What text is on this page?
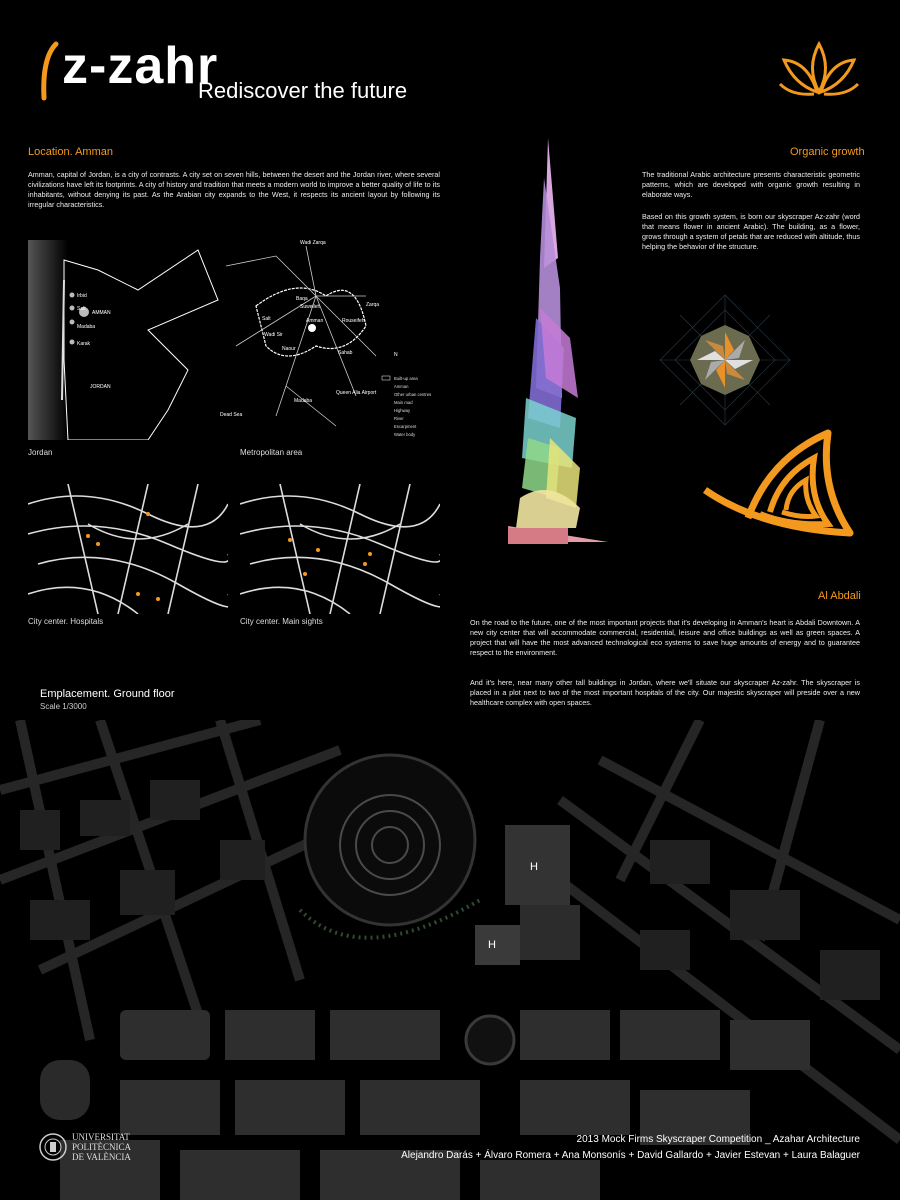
H
H
z-zahr
Rediscover the future
Location. Amman
Amman, capital of Jordan, is a city of contrasts. A city set on seven hills, between the desert and the Jordan river, where several civilizations have left its footprints. A city of history and tradition that meets a modern world to improve a better quality of life to its inhabitants, without denying its past. As the Arabian city expands to the West, it respects its ancient layout by following its irregular characteristics.
Irbid
Salt
AMMAN
Madaba
Karak
JORDAN
Jordan
Wadi Zarqa
Baqa
Suweileh
Salt	Amman
Zarqa
Rouseifeh
Wadi Sir
Naour
Sahab
Madaba
Queen Alia Airport
Dead Sea
N
Built-up area
Amman
Other urban centres
Main road
Highway
River
Escarpment
Water body
Metropolitan area
City center. Hospitals	City center. Main sights
Emplacement. Ground floor
Scale 1/3000
Organic growth
The traditional Arabic architecture presents characteristic geometric patterns, which are developed with organic growth resulting in elaborate ways.
Based on this growth system, is born our skyscraper Az-zahr (word that means flower in ancient Arabic). The building, as a flower, grows through a system of petals that are reduced with altitude, thus helping the behavior of the structure.
Al Abdali
On the road to the future, one of the most important projects that it's developing in Amman's heart is Abdali Downtown. A new city center that will accommodate commercial, residential, leisure and office buildings as well as green spaces. A project that will have the most advanced technological eco systems to save huge amounts of energy and to guarantee respect to the environment.
And it's here, near many other tall buildings in Jordan, where we'll situate our skyscraper Az-zahr. The skyscraper is placed in a plot next to two of the most important hospitals of the city. Our majestic skyscraper will preside over a new healthcare complex with open spaces.
UNIVERSITAT
POLITÈCNICA
DE VALÈNCIA
2013 Mock Firms Skyscraper Competition _ Azahar Architecture
Alejandro Darás + Álvaro Romera + Ana Monsonís + David Gallardo + Javier Estevan + Laura Balaguer
